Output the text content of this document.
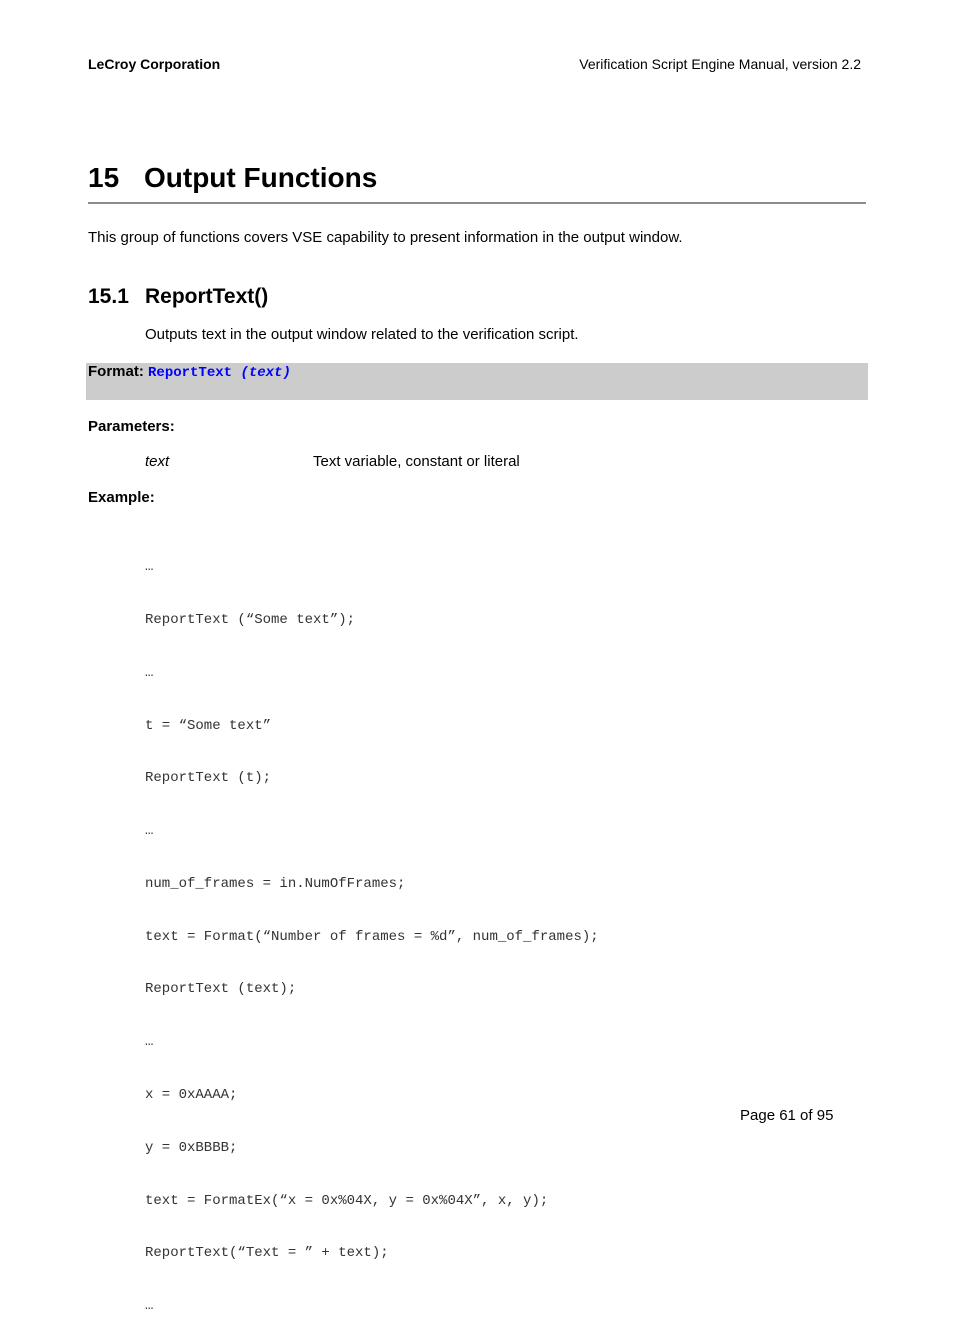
LeCroy Corporation	Verification Script Engine Manual, version 2.2
15 Output Functions
This group of functions covers VSE capability to present information in the output window.
15.1 ReportText()
Outputs text in the output window related to the verification script.
Format: ReportText (text)
Parameters:
text	Text variable, constant or literal
Example:

…

ReportText (“Some text”);

…

t = “Some text”

ReportText (t);

…

num_of_frames = in.NumOfFrames;

text = Format(“Number of frames = %d”, num_of_frames);

ReportText (text);

…

x = 0xAAAA;

y = 0xBBBB;

text = FormatEx(“x = 0x%04X, y = 0x%04X”, x, y);

ReportText(“Text = ” + text);

…

Page 61 of 95
